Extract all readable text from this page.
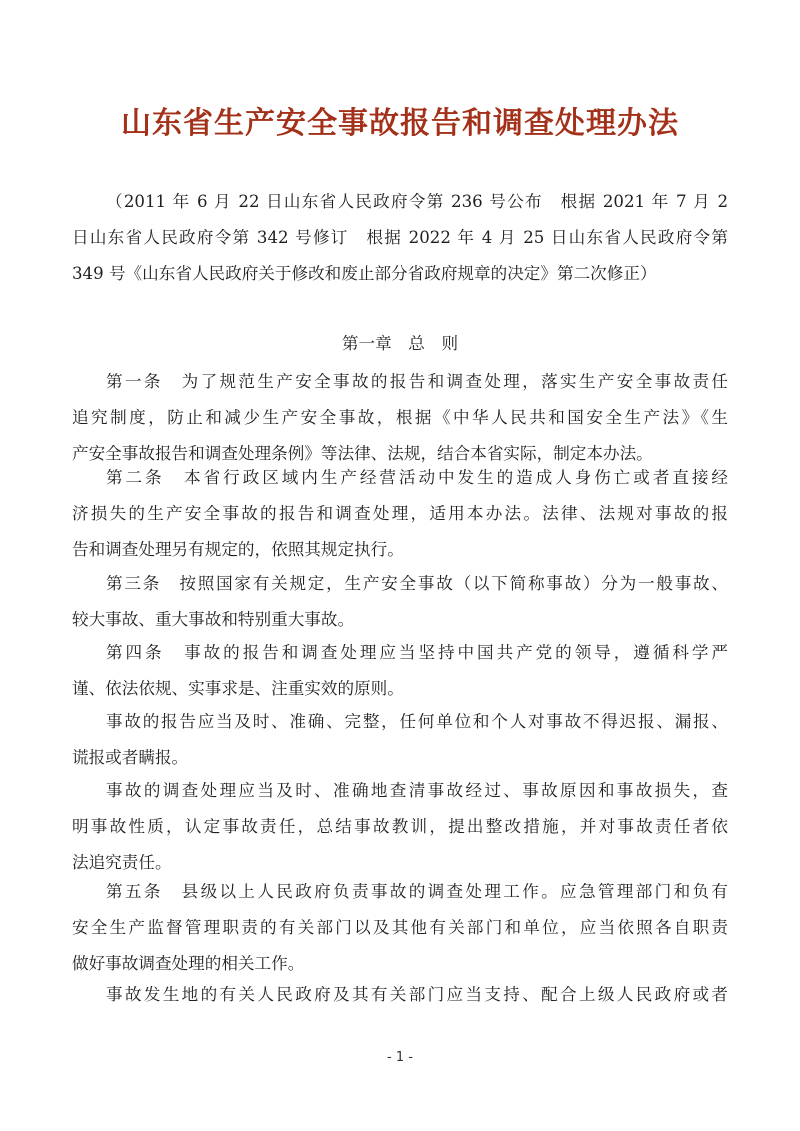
山东省生产安全事故报告和调查处理办法
（2011 年 6 月 22 日山东省人民政府令第 236 号公布　根据 2021 年 7 月 2
日山东省人民政府令第 342 号修订　根据 2022 年 4 月 25 日山东省人民政府令第
349 号《山东省人民政府关于修改和废止部分省政府规章的决定》第二次修正）
第一章　总　则
第一条　为了规范生产安全事故的报告和调查处理，落实生产安全事故责任
追究制度，防止和减少生产安全事故，根据《中华人民共和国安全生产法》《生
产安全事故报告和调查处理条例》等法律、法规，结合本省实际，制定本办法。
第二条　本省行政区域内生产经营活动中发生的造成人身伤亡或者直接经
济损失的生产安全事故的报告和调查处理，适用本办法。法律、法规对事故的报
告和调查处理另有规定的，依照其规定执行。
第三条　按照国家有关规定，生产安全事故（以下简称事故）分为一般事故、
较大事故、重大事故和特别重大事故。
第四条　事故的报告和调查处理应当坚持中国共产党的领导，遵循科学严
谨、依法依规、实事求是、注重实效的原则。
事故的报告应当及时、准确、完整，任何单位和个人对事故不得迟报、漏报、
谎报或者瞒报。
事故的调查处理应当及时、准确地查清事故经过、事故原因和事故损失，查
明事故性质，认定事故责任，总结事故教训，提出整改措施，并对事故责任者依
法追究责任。
第五条　县级以上人民政府负责事故的调查处理工作。应急管理部门和负有
安全生产监督管理职责的有关部门以及其他有关部门和单位，应当依照各自职责
做好事故调查处理的相关工作。
事故发生地的有关人民政府及其有关部门应当支持、配合上级人民政府或者
- 1 -
